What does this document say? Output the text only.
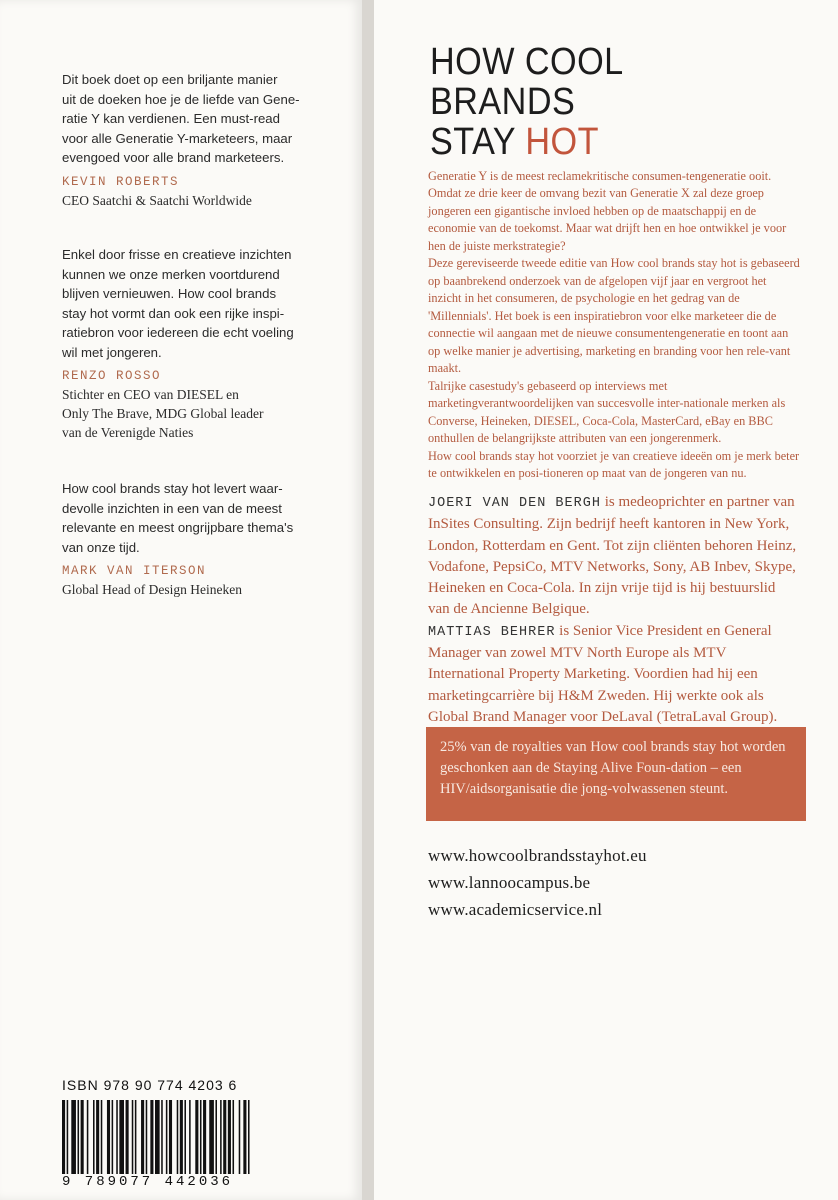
Dit boek doet op een briljante manier
uit de doeken hoe je de liefde van Gene-
ratie Y kan verdienen. Een must-read
voor alle Generatie Y-marketeers, maar
evengoed voor alle brand marketeers.
KEVIN ROBERTS
CEO Saatchi & Saatchi Worldwide
Enkel door frisse en creatieve inzichten
kunnen we onze merken voortdurend
blijven vernieuwen. How cool brands
stay hot vormt dan ook een rijke inspi-
ratiebron voor iedereen die echt voeling
wil met jongeren.
RENZO ROSSO
Stichter en CEO van DIESEL en
Only The Brave, MDG Global leader
van de Verenigde Naties
How cool brands stay hot levert waar-
devolle inzichten in een van de meest
relevante en meest ongrijpbare thema's
van onze tijd.
MARK VAN ITERSON
Global Head of Design Heineken
ISBN 978 90 774 4203 6
9 789077 442036
HOW COOL
BRANDS
STAY HOT

Generatie Y is de meest reclamekritische consumen-tengeneratie ooit. Omdat ze drie keer de omvang bezit van Generatie X zal deze groep jongeren een gigantische invloed hebben op de maatschappij en de economie van de toekomst. Maar wat drijft hen en hoe ontwikkel je voor hen de juiste merkstrategie?

Deze gereviseerde tweede editie van How cool brands stay hot is gebaseerd op baanbrekend onderzoek van de afgelopen vijf jaar en vergroot het inzicht in het consumeren, de psychologie en het gedrag van de 'Millennials'. Het boek is een inspiratiebron voor elke marketeer die de connectie wil aangaan met de nieuwe consumentengeneratie en toont aan op welke manier je advertising, marketing en branding voor hen rele-vant maakt.

Talrijke casestudy's gebaseerd op interviews met marketingverantwoordelijken van succesvolle inter-nationale merken als Converse, Heineken, DIESEL, Coca-Cola, MasterCard, eBay en BBC onthullen de belangrijkste attributen van een jongerenmerk.

How cool brands stay hot voorziet je van creatieve ideeën om je merk beter te ontwikkelen en posi-tioneren op maat van de jongeren van nu.

JOERI VAN DEN BERGH is medeoprichter en partner van InSites Consulting. Zijn bedrijf heeft kantoren in New York, London, Rotterdam en Gent. Tot zijn cliënten behoren Heinz, Vodafone, PepsiCo, MTV Networks, Sony, AB Inbev, Skype, Heineken en Coca-Cola. In zijn vrije tijd is hij bestuurslid van de Ancienne Belgique.

MATTIAS BEHRER is Senior Vice President en General Manager van zowel MTV North Europe als MTV International Property Marketing. Voordien had hij een marketingcarrière bij H&M Zweden. Hij werkte ook als Global Brand Manager voor DeLaval (TetraLaval Group).

25% van de royalties van How cool brands stay hot worden geschonken aan de Staying Alive Foun-dation – een HIV/aidsorganisatie die jong-volwassenen steunt.

www.howcoolbrandsstayhot.eu
www.lannoocampus.be
www.academicservice.nl
